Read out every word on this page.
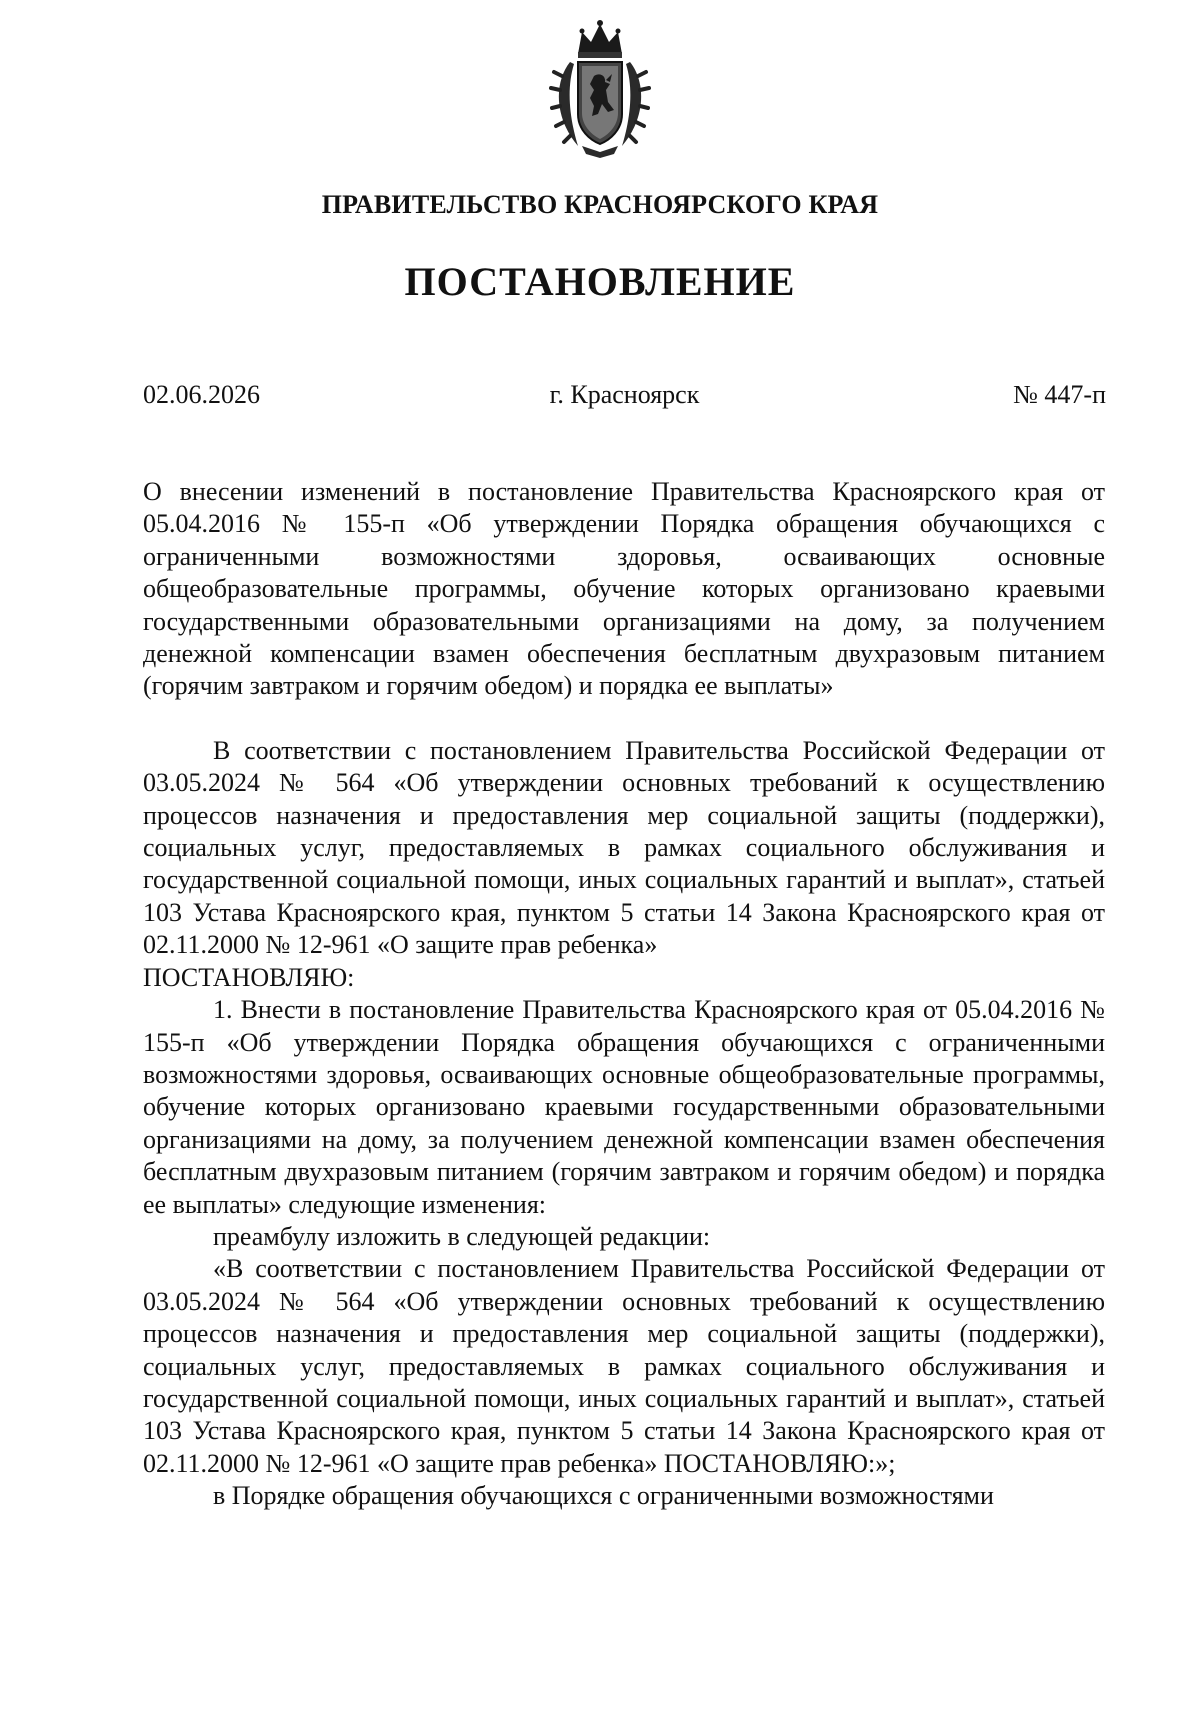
ПРАВИТЕЛЬСТВО КРАСНОЯРСКОГО КРАЯ
ПОСТАНОВЛЕНИЕ
02.06.2026	г. Красноярск	№ 447-п

О внесении изменений в постановление Правительства Красноярского края от 05.04.2016 № 155-п «Об утверждении Порядка обращения обучающихся с ограниченными возможностями здоровья, осваивающих основные общеобразовательные программы, обучение которых организовано краевыми государственными образовательными организациями на дому, за получением денежной компенсации взамен обеспечения бесплатным двухразовым питанием (горячим завтраком и горячим обедом) и порядка ее выплаты»

В соответствии с постановлением Правительства Российской Федерации от 03.05.2024 № 564 «Об утверждении основных требований к осуществлению процессов назначения и предоставления мер социальной защиты (поддержки), социальных услуг, предоставляемых в рамках социального обслуживания и государственной социальной помощи, иных социальных гарантий и выплат», статьей 103 Устава Красноярского края, пунктом 5 статьи 14 Закона Красноярского края от 02.11.2000 № 12-961 «О защите прав ребенка»

ПОСТАНОВЛЯЮ:

1. Внести в постановление Правительства Красноярского края от 05.04.2016 № 155-п «Об утверждении Порядка обращения обучающихся с ограниченными возможностями здоровья, осваивающих основные общеобразовательные программы, обучение которых организовано краевыми государственными образовательными организациями на дому, за получением денежной компенсации взамен обеспечения бесплатным двухразовым питанием (горячим завтраком и горячим обедом) и порядка ее выплаты» следующие изменения:

преамбулу изложить в следующей редакции:

«В соответствии с постановлением Правительства Российской Федерации от 03.05.2024 № 564 «Об утверждении основных требований к осуществлению процессов назначения и предоставления мер социальной защиты (поддержки), социальных услуг, предоставляемых в рамках социального обслуживания и государственной социальной помощи, иных социальных гарантий и выплат», статьей 103 Устава Красноярского края, пунктом 5 статьи 14 Закона Красноярского края от 02.11.2000 № 12-961 «О защите прав ребенка» ПОСТАНОВЛЯЮ:»;

в Порядке обращения обучающихся с ограниченными возможностями
